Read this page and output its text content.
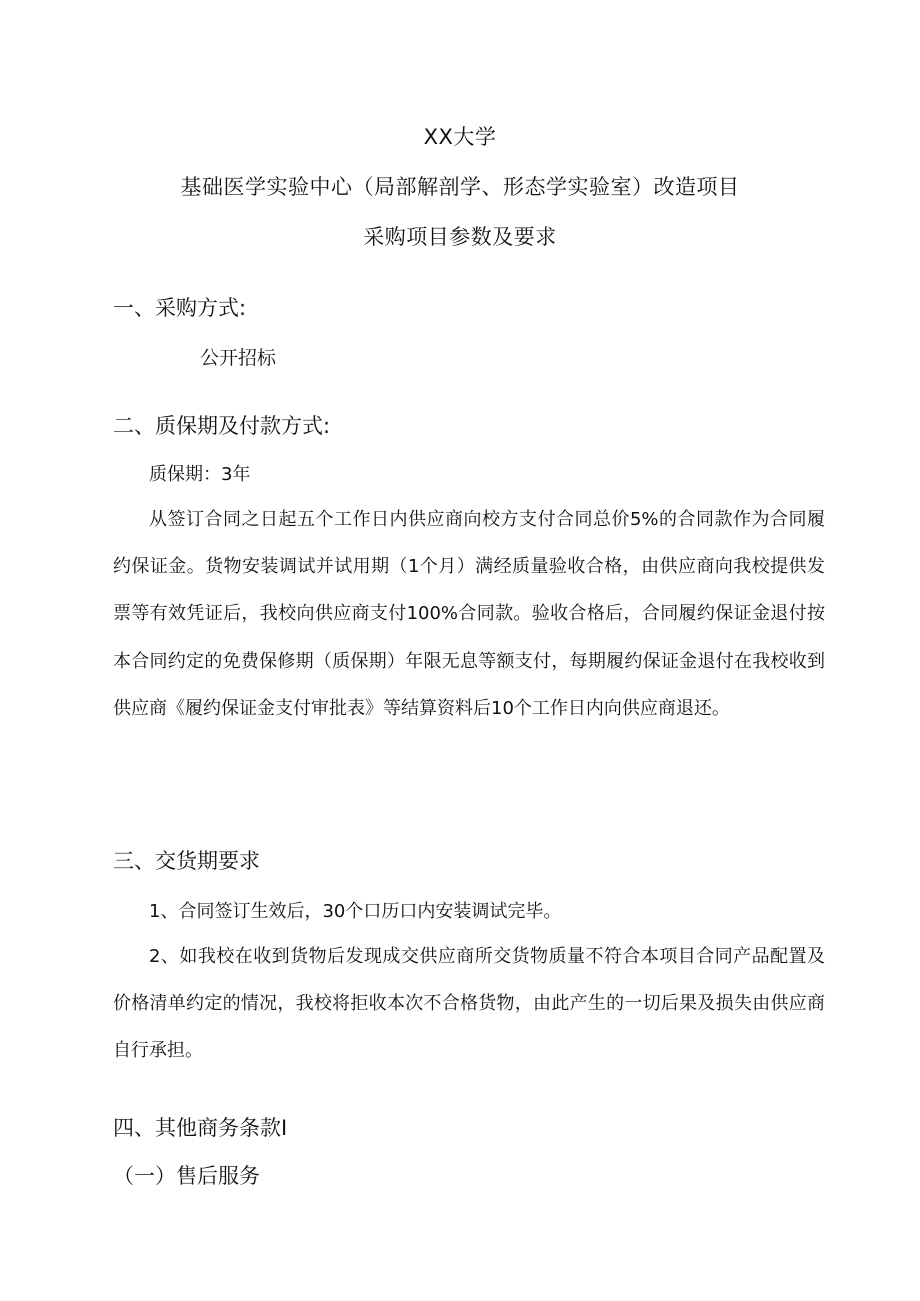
XX大学
基础医学实验中心（局部解剖学、形态学实验室）改造项目
采购项目参数及要求
一、采购方式:
公开招标
二、质保期及付款方式:
质保期：3年

从签订合同之日起五个工作日内供应商向校方支付合同总价5%的合同款作为合同履约保证金。货物安装调试并试用期（1个月）满经质量验收合格，由供应商向我校提供发票等有效凭证后，我校向供应商支付100%合同款。验收合格后，合同履约保证金退付按本合同约定的免费保修期（质保期）年限无息等额支付，每期履约保证金退付在我校收到供应商《履约保证金支付审批表》等结算资料后10个工作日内向供应商退还。

三、交货期要求
1、合同签订生效后，30个口历口内安装调试完毕。

2、如我校在收到货物后发现成交供应商所交货物质量不符合本项目合同产品配置及价格清单约定的情况，我校将拒收本次不合格货物，由此产生的一切后果及损失由供应商自行承担。

四、其他商务条款I
（一）售后服务
